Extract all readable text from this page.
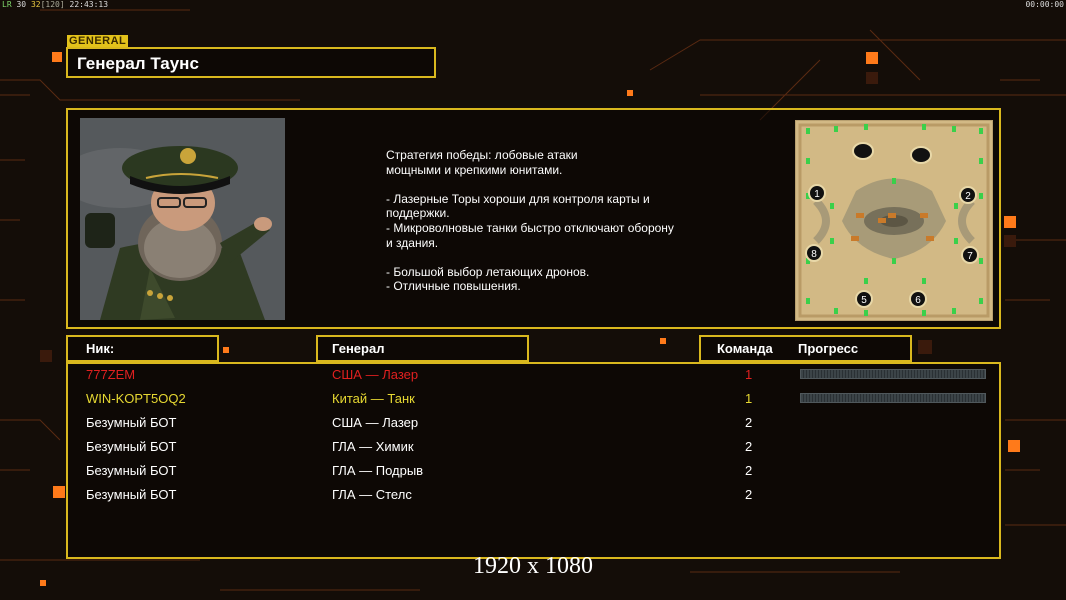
LR 30 32[120] 22:43:13	00:00:00
GENERAL
Генерал Таунс
Стратегия победы: лобовые атаки
мощными и крепкими юнитами.

- Лазерные Торы хороши для контроля карты и
поддержки.
- Микроволновые танки быстро отключают оборону
и здания.

- Большой выбор летающих дронов.
- Отличные повышения.
1	2
5	6
7
8
Ник:	Генерал	Команда Прогресс
777ZEM	США — Лазер	1
WIN-KOPT5OQ2	Китай — Танк	1
Безумный БОТ	США — Лазер	2
Безумный БОТ	ГЛА — Химик	2
Безумный БОТ	ГЛА — Подрыв	2
Безумный БОТ	ГЛА — Стелс	2
1920 x 1080
